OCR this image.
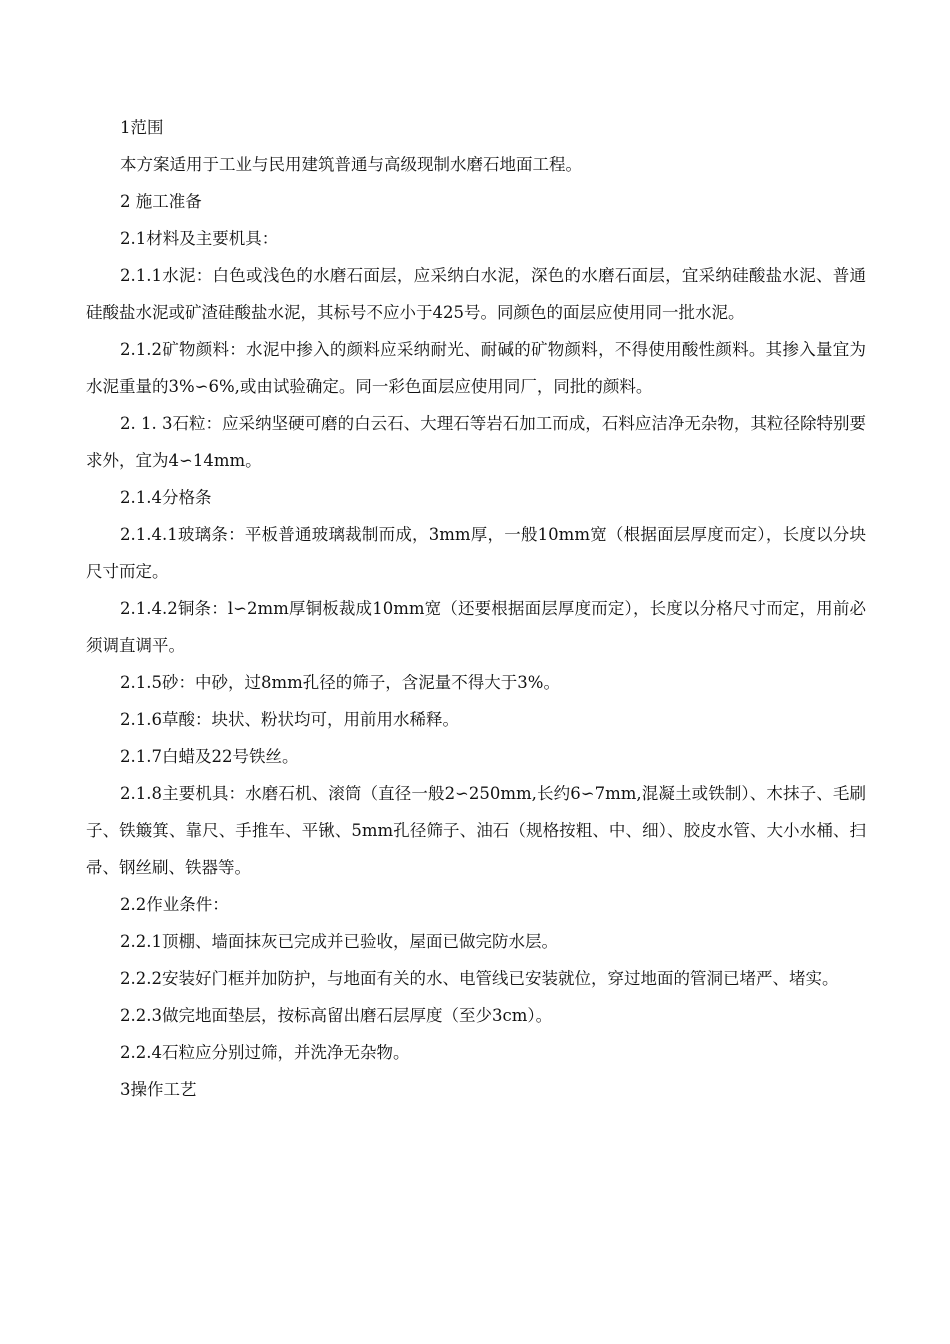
1范围

本方案适用于工业与民用建筑普通与高级现制水磨石地面工程。

2 施工准备

2.1材料及主要机具：

2.1.1水泥：白色或浅色的水磨石面层，应采纳白水泥，深色的水磨石面层，宜采纳硅酸盐水泥、普通硅酸盐水泥或矿渣硅酸盐水泥，其标号不应小于425号。同颜色的面层应使用同一批水泥。

2.1.2矿物颜料：水泥中掺入的颜料应采纳耐光、耐碱的矿物颜料，不得使用酸性颜料。其掺入量宜为水泥重量的3%∽6%,或由试验确定。同一彩色面层应使用同厂，同批的颜料。

2. 1. 3石粒：应采纳坚硬可磨的白云石、大理石等岩石加工而成，石料应洁净无杂物，其粒径除特别要求外，宜为4∽14mm。

2.1.4分格条

2.1.4.1玻璃条：平板普通玻璃裁制而成，3mm厚，一般10mm宽（根据面层厚度而定），长度以分块尺寸而定。

2.1.4.2铜条：l∽2mm厚铜板裁成10mm宽（还要根据面层厚度而定），长度以分格尺寸而定，用前必须调直调平。

2.1.5砂：中砂，过8mm孔径的筛子，含泥量不得大于3%。

2.1.6草酸：块状、粉状均可，用前用水稀释。

2.1.7白蜡及22号铁丝。

2.1.8主要机具：水磨石机、滚筒（直径一般2∽250mm,长约6∽7mm,混凝土或铁制）、木抹子、毛刷子、铁簸箕、靠尺、手推车、平锹、5mm孔径筛子、油石（规格按粗、中、细）、胶皮水管、大小水桶、扫帚、钢丝刷、铁器等。

2.2作业条件：

2.2.1顶棚、墙面抹灰已完成并已验收，屋面已做完防水层。

2.2.2安装好门框并加防护，与地面有关的水、电管线已安装就位，穿过地面的管洞已堵严、堵实。

2.2.3做完地面垫层，按标高留出磨石层厚度（至少3cm）。

2.2.4石粒应分别过筛，并洗净无杂物。

3操作工艺
